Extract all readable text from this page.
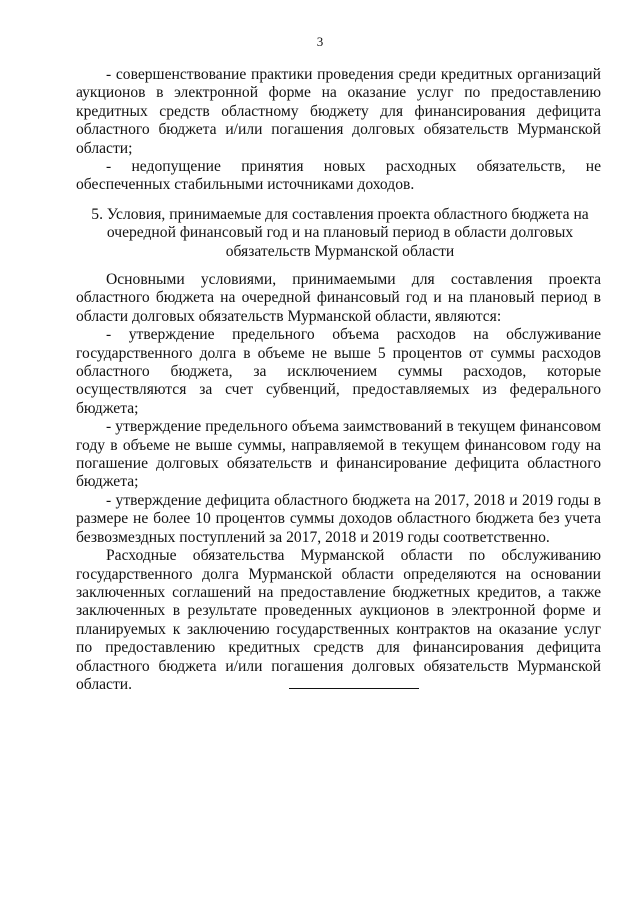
3

- совершенствование практики проведения среди кредитных организаций аукционов в электронной форме на оказание услуг по предоставлению кредитных средств областному бюджету для финансирования дефицита областного бюджета и/или погашения долговых обязательств Мурманской области;

- недопущение принятия новых расходных обязательств, не обеспеченных стабильными источниками доходов.

5. Условия, принимаемые для составления проекта областного бюджета на
очередной финансовый год и на плановый период в области долговых
обязательств Мурманской области

Основными условиями, принимаемыми для составления проекта областного бюджета на очередной финансовый год и на плановый период в области долговых обязательств Мурманской области, являются:

- утверждение предельного объема расходов на обслуживание государственного долга в объеме не выше 5 процентов от суммы расходов областного бюджета, за исключением суммы расходов, которые осуществляются за счет субвенций, предоставляемых из федерального бюджета;

- утверждение предельного объема заимствований в текущем финансовом году в объеме не выше суммы, направляемой в текущем финансовом году на погашение долговых обязательств и финансирование дефицита областного бюджета;

- утверждение дефицита областного бюджета на 2017, 2018 и 2019 годы в размере не более 10 процентов суммы доходов областного бюджета без учета безвозмездных поступлений за 2017, 2018 и 2019 годы соответственно.

Расходные обязательства Мурманской области по обслуживанию государственного долга Мурманской области определяются на основании заключенных соглашений на предоставление бюджетных кредитов, а также заключенных в результате проведенных аукционов в электронной форме и планируемых к заключению государственных контрактов на оказание услуг по предоставлению кредитных средств для финансирования дефицита областного бюджета и/или погашения долговых обязательств Мурманской области.
